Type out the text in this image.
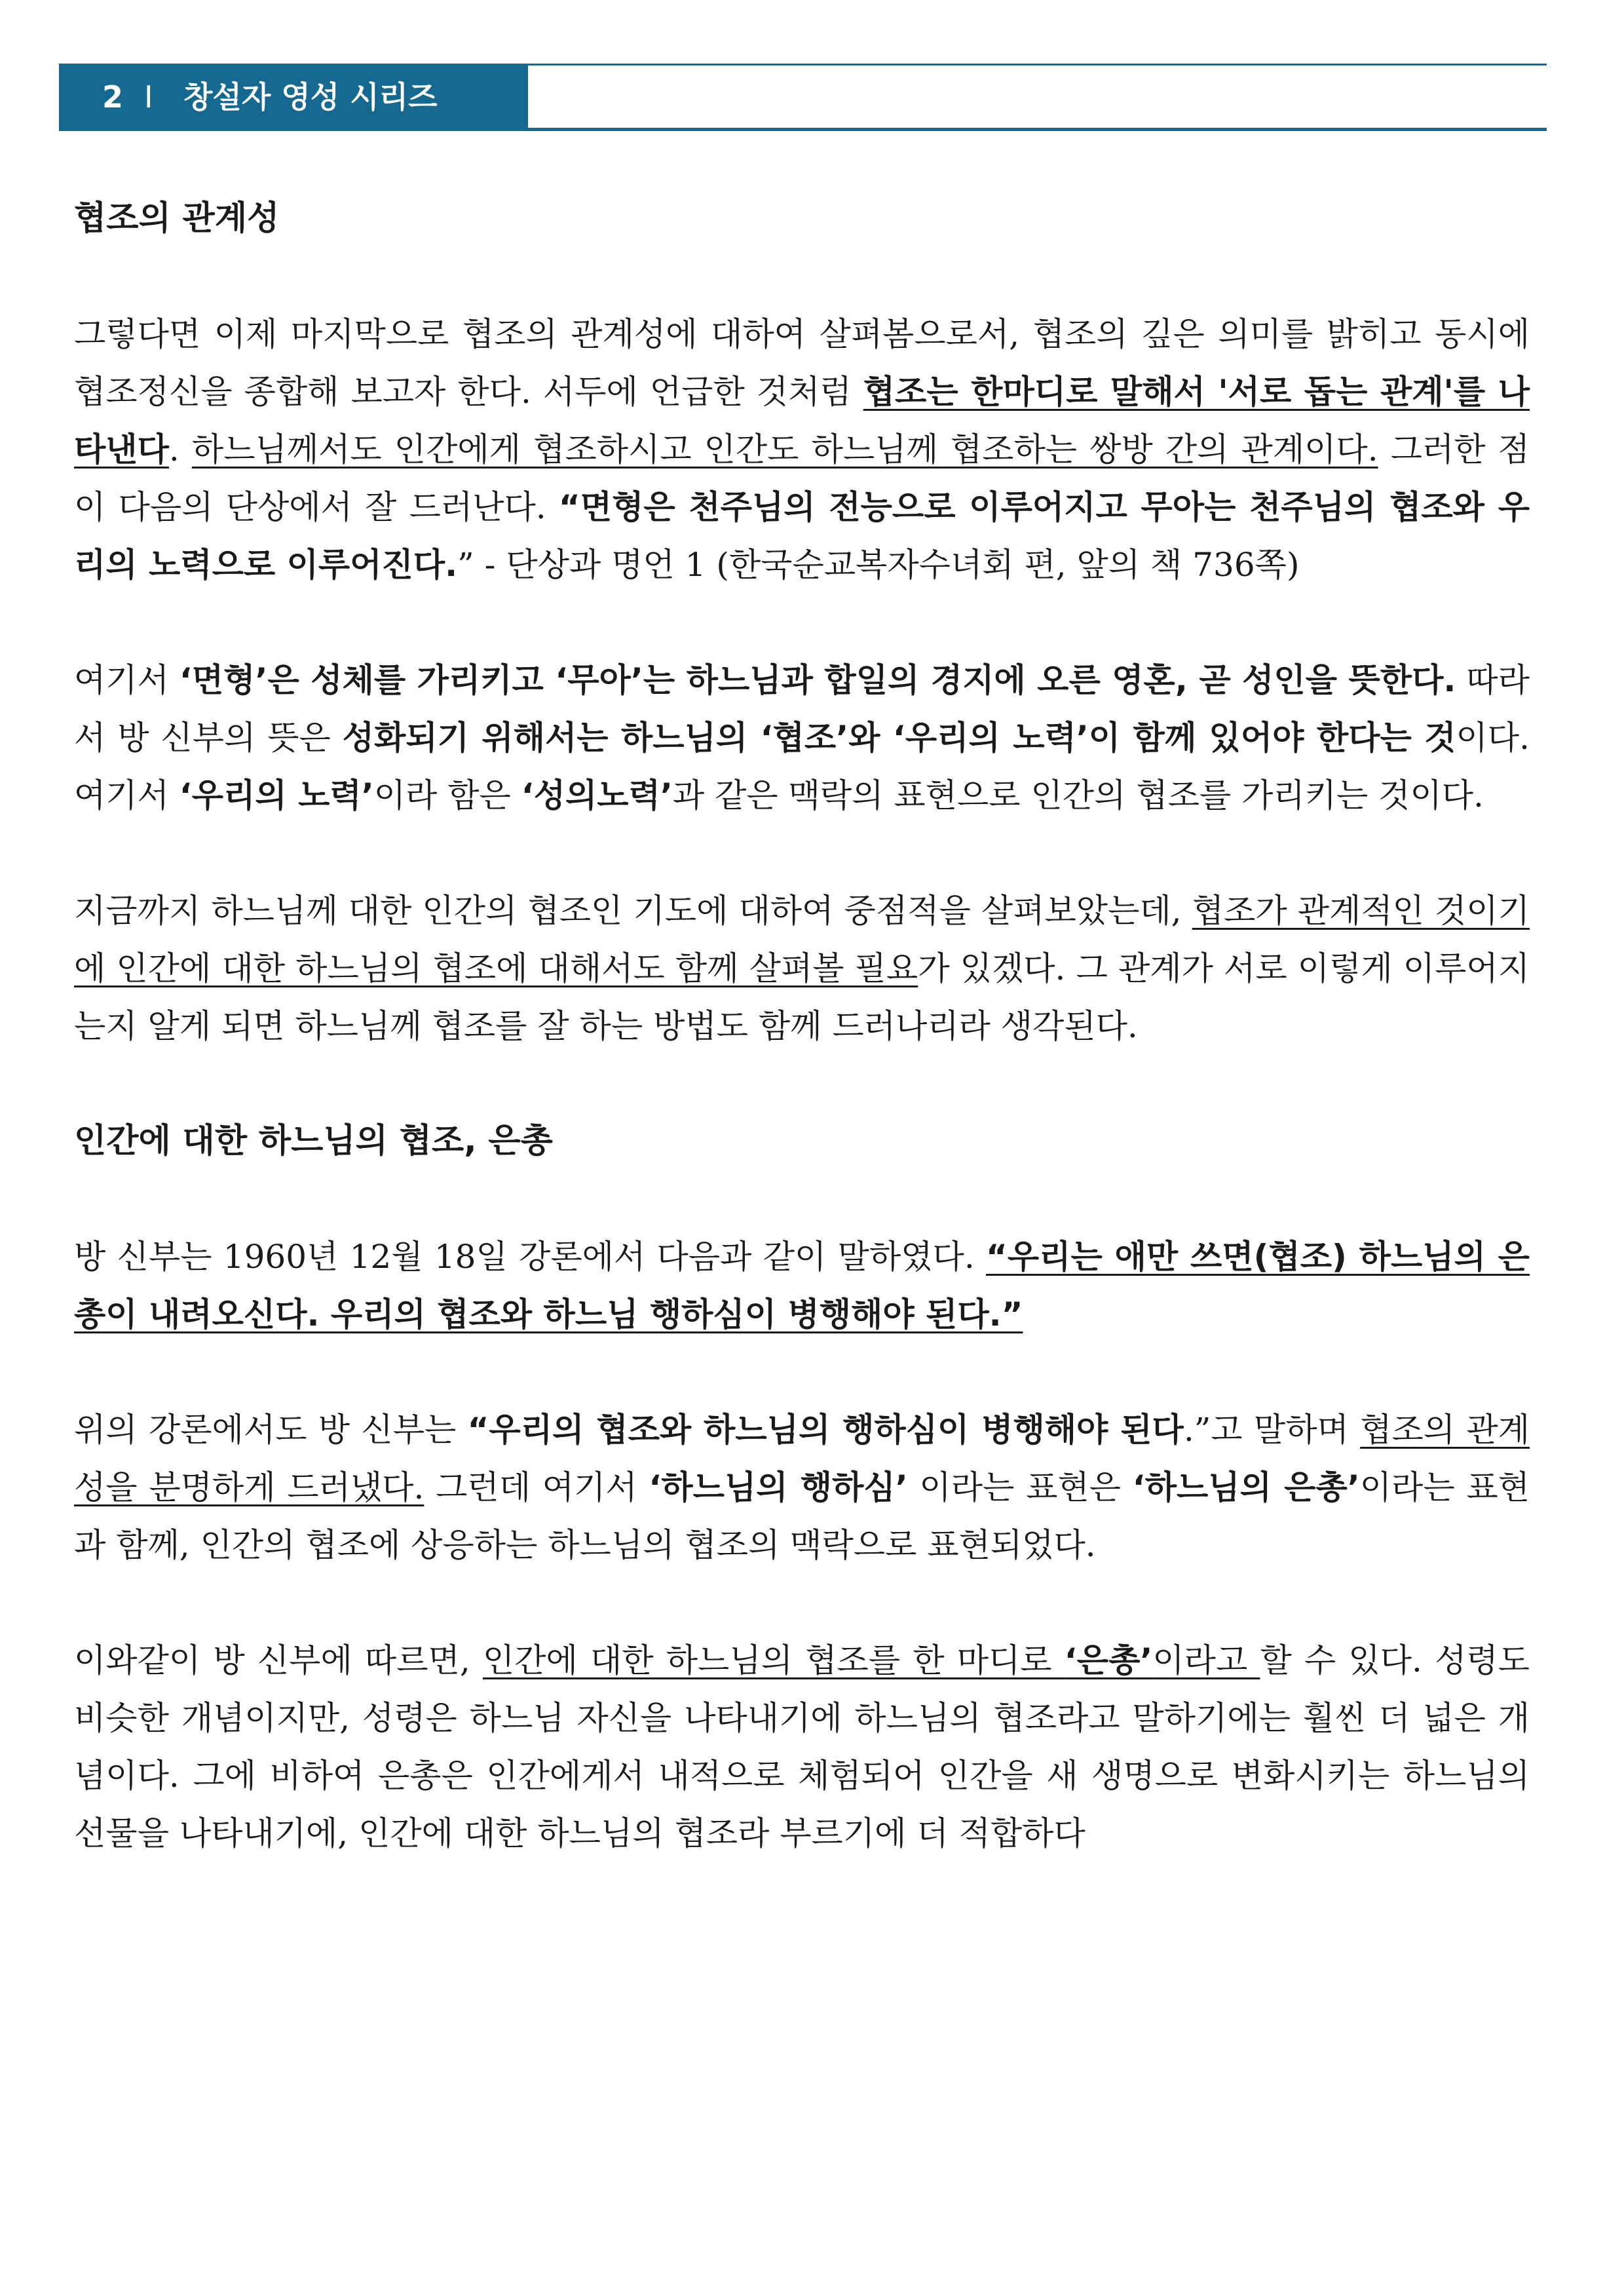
2 I 창설자 영성 시리즈
협조의 관계성

그렇다면 이제 마지막으로 협조의 관계성에 대하여 살펴봄으로서, 협조의 깊은 의미를 밝히고 동시에 협조정신을 종합해 보고자 한다. 서두에 언급한 것처럼 협조는 한마디로 말해서 '서로 돕는 관계'를 나타낸다. 하느님께서도 인간에게 협조하시고 인간도 하느님께 협조하는 쌍방 간의 관계이다. 그러한 점이 다음의 단상에서 잘 드러난다. “면형은 천주님의 전능으로 이루어지고 무아는 천주님의 협조와 우리의 노력으로 이루어진다.” - 단상과 명언 1 (한국순교복자수녀회 편, 앞의 책 736쪽)

여기서 ‘면형’은 성체를 가리키고 ‘무아’는 하느님과 합일의 경지에 오른 영혼, 곧 성인을 뜻한다. 따라서 방 신부의 뜻은 성화되기 위해서는 하느님의 ‘협조’와 ‘우리의 노력’이 함께 있어야 한다는 것이다. 여기서 ‘우리의 노력’이라 함은 ‘성의노력’과 같은 맥락의 표현으로 인간의 협조를 가리키는 것이다.

지금까지 하느님께 대한 인간의 협조인 기도에 대하여 중점적을 살펴보았는데, 협조가 관계적인 것이기에 인간에 대한 하느님의 협조에 대해서도 함께 살펴볼 필요가 있겠다. 그 관계가 서로 이렇게 이루어지는지 알게 되면 하느님께 협조를 잘 하는 방법도 함께 드러나리라 생각된다.

인간에 대한 하느님의 협조, 은총

방 신부는 1960년 12월 18일 강론에서 다음과 같이 말하였다. “우리는 애만 쓰면(협조) 하느님의 은총이 내려오신다. 우리의 협조와 하느님 행하심이 병행해야 된다.”

위의 강론에서도 방 신부는 “우리의 협조와 하느님의 행하심이 병행해야 된다.”고 말하며 협조의 관계성을 분명하게 드러냈다. 그런데 여기서 ‘하느님의 행하심’ 이라는 표현은 ‘하느님의 은총’이라는 표현과 함께, 인간의 협조에 상응하는 하느님의 협조의 맥락으로 표현되었다.

이와같이 방 신부에 따르면, 인간에 대한 하느님의 협조를 한 마디로 ‘은총’이라고 할 수 있다. 성령도 비슷한 개념이지만, 성령은 하느님 자신을 나타내기에 하느님의 협조라고 말하기에는 훨씬 더 넓은 개념이다. 그에 비하여 은총은 인간에게서 내적으로 체험되어 인간을 새 생명으로 변화시키는 하느님의 선물을 나타내기에, 인간에 대한 하느님의 협조라 부르기에 더 적합하다
